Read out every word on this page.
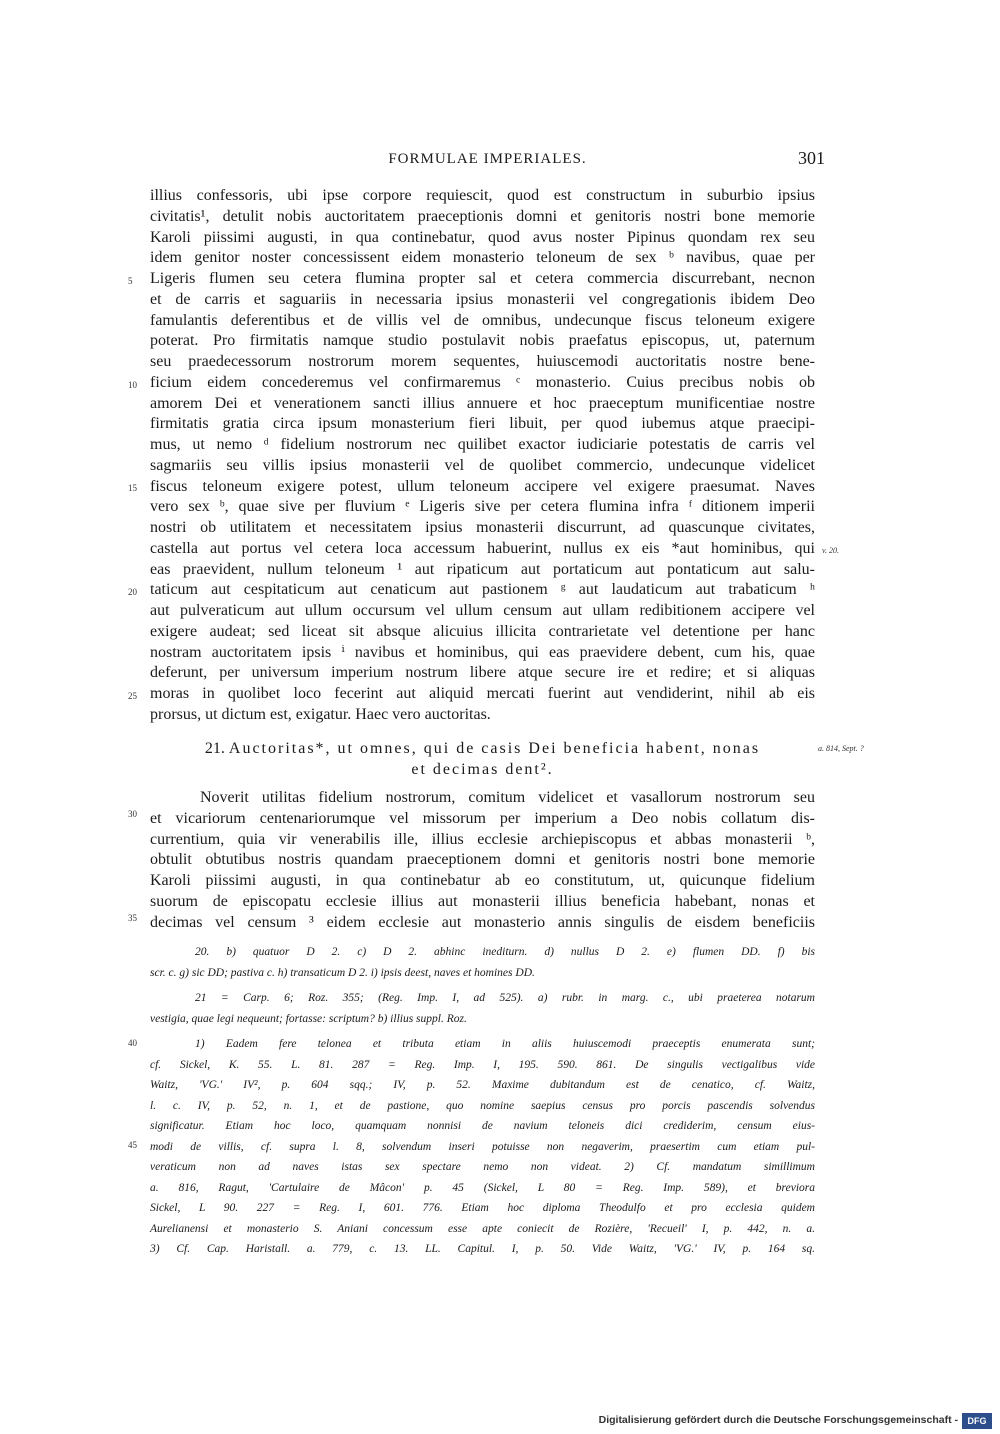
FORMULAE IMPERIALES.	301
illius confessoris, ubi ipse corpore requiescit, quod est constructum in suburbio ipsius
civitatis¹, detulit nobis auctoritatem praeceptionis domni et genitoris nostri bone memorie
Karoli piissimi augusti, in qua continebatur, quod avus noster Pipinus quondam rex seu
idem genitor noster concessissent eidem monasterio teloneum de sex ᵇ navibus, quae per
Ligeris flumen seu cetera flumina propter sal et cetera commercia discurrebant, necnon
et de carris et saguariis in necessaria ipsius monasterii vel congregationis ibidem Deo
famulantis deferentibus et de villis vel de omnibus, undecunque fiscus teloneum exigere
poterat. Pro firmitatis namque studio postulavit nobis praefatus episcopus, ut, paternum
seu praedecessorum nostrorum morem sequentes, huiuscemodi auctoritatis nostre bene-
ficium eidem concederemus vel confirmaremus ᶜ monasterio. Cuius precibus nobis ob
amorem Dei et venerationem sancti illius annuere et hoc praeceptum munificentiae nostre
firmitatis gratia circa ipsum monasterium fieri libuit, per quod iubemus atque praecipi-
mus, ut nemo ᵈ fidelium nostrorum nec quilibet exactor iudiciarie potestatis de carris vel
sagmariis seu villis ipsius monasterii vel de quolibet commercio, undecunque videlicet
fiscus teloneum exigere potest, ullum teloneum accipere vel exigere praesumat. Naves
vero sex ᵇ, quae sive per fluvium ᵉ Ligeris sive per cetera flumina infra ᶠ ditionem imperii
nostri ob utilitatem et necessitatem ipsius monasterii discurrunt, ad quascunque civitates,
castella aut portus vel cetera loca accessum habuerint, nullus ex eis *aut hominibus, qui
eas praevident, nullum teloneum ¹ aut ripaticum aut portaticum aut pontaticum aut salu-
taticum aut cespitaticum aut cenaticum aut pastionem ᵍ aut laudaticum aut trabaticum ʰ
aut pulveraticum aut ullum occursum vel ullum censum aut ullam redibitionem accipere vel
exigere audeat; sed liceat sit absque alicuius illicita contrarietate vel detentione per hanc
nostram auctoritatem ipsis ⁱ navibus et hominibus, qui eas praevidere debent, cum his, quae
deferunt, per universum imperium nostrum libere atque secure ire et redire; et si aliquas
moras in quolibet loco fecerint aut aliquid mercati fuerint aut vendiderint, nihil ab eis
prorsus, ut dictum est, exigatur. Haec vero auctoritas.
5
10
15
20
25
30
35
40
45
v. 20.
a. 814, Sept. ?
21. Auctoritas*, ut omnes, qui de casis Dei beneficia habent, nonas
et decimas dent².
Noverit utilitas fidelium nostrorum, comitum videlicet et vasallorum nostrorum seu
et vicariorum centenariorumque vel missorum per imperium a Deo nobis collatum dis-
currentium, quia vir venerabilis ille, illius ecclesie archiepiscopus et abbas monasterii ᵇ,
obtulit obtutibus nostris quandam praeceptionem domni et genitoris nostri bone memorie
Karoli piissimi augusti, in qua continebatur ab eo constitutum, ut, quicunque fidelium
suorum de episcopatu ecclesie illius aut monasterii illius beneficia habebant, nonas et
decimas vel censum ³ eidem ecclesie aut monasterio annis singulis de eisdem beneficiis
20. b) quatuor D 2. c) D 2. abhinc inediturn. d) nullus D 2. e) flumen DD. f) bis
scr. c. g) sic DD; pastiva c. h) transaticum D 2. i) ipsis deest, naves et homines DD.
21 = Carp. 6; Roz. 355; (Reg. Imp. I, ad 525). a) rubr. in marg. c., ubi praeterea notarum
vestigia, quae legi nequeunt; fortasse: scriptum? b) illius suppl. Roz.
1) Eadem fere telonea et tributa etiam in aliis huiuscemodi praeceptis enumerata sunt;
cf. Sickel, K. 55. L. 81. 287 = Reg. Imp. I, 195. 590. 861. De singulis vectigalibus vide
Waitz, 'VG.' IV², p. 604 sqq.; IV, p. 52. Maxime dubitandum est de cenatico, cf. Waitz,
l. c. IV, p. 52, n. 1, et de pastione, quo nomine saepius census pro porcis pascendis solvendus
significatur. Etiam hoc loco, quamquam nonnisi de navium teloneis dici crediderim, censum eius-
modi de villis, cf. supra l. 8, solvendum inseri potuisse non negaverim, praesertim cum etiam pul-
veraticum non ad naves istas sex spectare nemo non videat. 2) Cf. mandatum simillimum
a. 816, Ragut, 'Cartulaire de Mâcon' p. 45 (Sickel, L 80 = Reg. Imp. 589), et breviora
Sickel, L 90. 227 = Reg. I, 601. 776. Etiam hoc diploma Theodulfo et pro ecclesia quidem
Aurelianensi et monasterio S. Aniani concessum esse apte coniecit de Rozière, 'Recueil' I, p. 442, n. a.
3) Cf. Cap. Haristall. a. 779, c. 13. LL. Capitul. I, p. 50. Vide Waitz, 'VG.' IV, p. 164 sq.
Digitalisierung gefördert durch die Deutsche Forschungsgemeinschaft -	DFG
